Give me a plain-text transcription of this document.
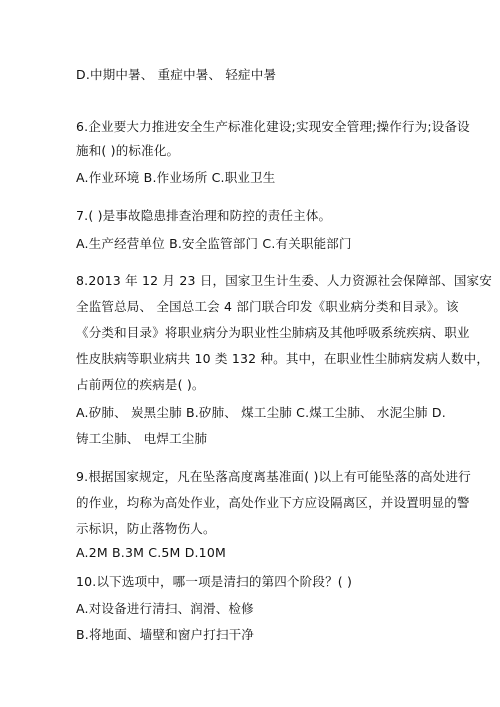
D.中期中暑、 重症中暑、 轻症中暑
6.企业要大力推进安全生产标准化建设;实现安全管理;操作行为;设备设
施和( )的标准化。
A.作业环境 B.作业场所 C.职业卫生
7.( )是事故隐患排查治理和防控的责任主体。
A.生产经营单位 B.安全监管部门 C.有关职能部门
8.2013 年 12 月 23 日，国家卫生计生委、人力资源社会保障部、国家安
全监管总局、 全国总工会 4 部门联合印发《职业病分类和目录》。该
《分类和目录》将职业病分为职业性尘肺病及其他呼吸系统疾病、职业
性皮肤病等职业病共 10 类 132 种。其中，在职业性尘肺病发病人数中，
占前两位的疾病是( )。
A.矽肺、 炭黑尘肺 B.矽肺、 煤工尘肺 C.煤工尘肺、 水泥尘肺 D.
铸工尘肺、 电焊工尘肺
9.根据国家规定，凡在坠落高度离基准面( )以上有可能坠落的高处进行
的作业，均称为高处作业，高处作业下方应设隔离区，并设置明显的警
示标识，防止落物伤人。
A.2M B.3M C.5M D.10M
10.以下选项中，哪一项是清扫的第四个阶段？( )
A.对设备进行清扫、润滑、检修
B.将地面、墙壁和窗户打扫干净
